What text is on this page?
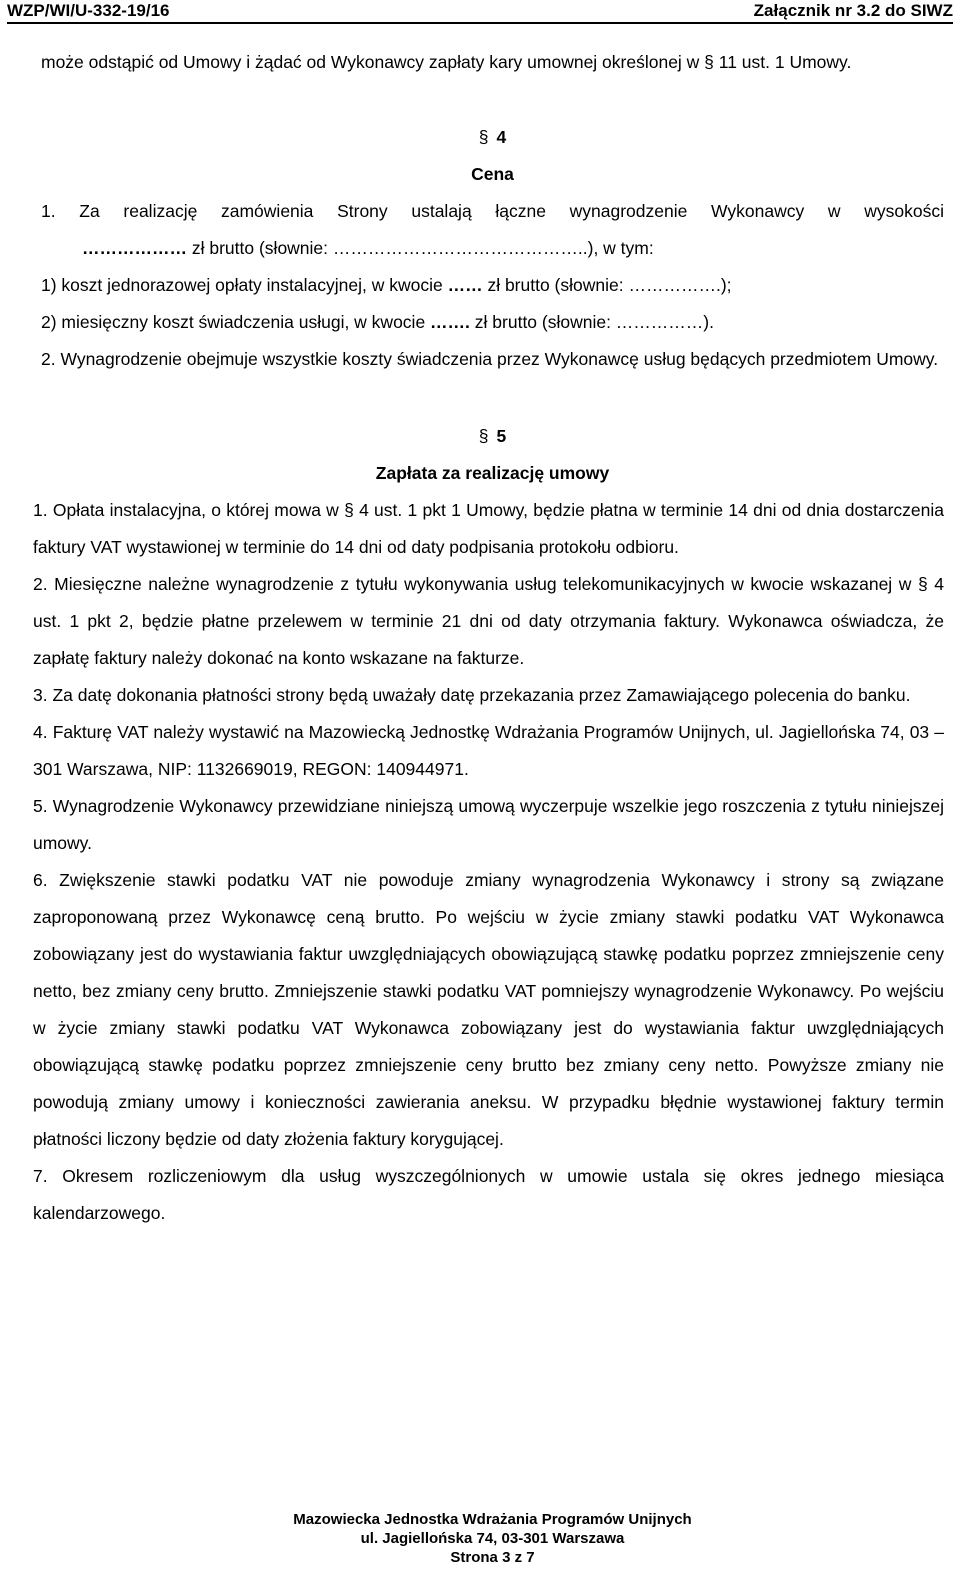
WZP/WI/U-332-19/16	Załącznik nr 3.2 do SIWZ

może odstąpić od Umowy i żądać od Wykonawcy zapłaty kary umownej określonej w § 11 ust. 1 Umowy.

§ 4

Cena

1. Za realizację zamówienia Strony ustalają łączne wynagrodzenie Wykonawcy w wysokości

……………… zł brutto (słownie: ……………………………………..), w tym:

1) koszt jednorazowej opłaty instalacyjnej, w kwocie …… zł brutto (słownie: …………….);

2) miesięczny koszt świadczenia usługi, w kwocie ……. zł brutto (słownie: ……………).

2. Wynagrodzenie obejmuje wszystkie koszty świadczenia przez Wykonawcę usług będących przedmiotem Umowy.

§ 5

Zapłata za realizację umowy

1. Opłata instalacyjna, o której mowa w § 4 ust. 1 pkt 1 Umowy, będzie płatna w terminie 14 dni od dnia dostarczenia faktury VAT wystawionej w terminie do 14 dni od daty podpisania protokołu odbioru.

2. Miesięczne należne wynagrodzenie z tytułu wykonywania usług telekomunikacyjnych w kwocie wskazanej w § 4 ust. 1 pkt 2, będzie płatne przelewem w terminie 21 dni od daty otrzymania faktury. Wykonawca oświadcza, że zapłatę faktury należy dokonać na konto wskazane na fakturze.

3. Za datę dokonania płatności strony będą uważały datę przekazania przez Zamawiającego polecenia do banku.

4. Fakturę VAT należy wystawić na Mazowiecką Jednostkę Wdrażania Programów Unijnych, ul. Jagiellońska 74, 03 – 301 Warszawa, NIP: 1132669019, REGON: 140944971.

5. Wynagrodzenie Wykonawcy przewidziane niniejszą umową wyczerpuje wszelkie jego roszczenia z tytułu niniejszej umowy.

6. Zwiększenie stawki podatku VAT nie powoduje zmiany wynagrodzenia Wykonawcy i strony są związane zaproponowaną przez Wykonawcę ceną brutto. Po wejściu w życie zmiany stawki podatku VAT Wykonawca zobowiązany jest do wystawiania faktur uwzględniających obowiązującą stawkę podatku poprzez zmniejszenie ceny netto, bez zmiany ceny brutto. Zmniejszenie stawki podatku VAT pomniejszy wynagrodzenie Wykonawcy. Po wejściu w życie zmiany stawki podatku VAT Wykonawca zobowiązany jest do wystawiania faktur uwzględniających obowiązującą stawkę podatku poprzez zmniejszenie ceny brutto bez zmiany ceny netto. Powyższe zmiany nie powodują zmiany umowy i konieczności zawierania aneksu. W przypadku błędnie wystawionej faktury termin płatności liczony będzie od daty złożenia faktury korygującej.

7. Okresem rozliczeniowym dla usług wyszczególnionych w umowie ustala się okres jednego miesiąca kalendarzowego.

Mazowiecka Jednostka Wdrażania Programów Unijnych
ul. Jagiellońska 74, 03-301 Warszawa
Strona 3 z 7
